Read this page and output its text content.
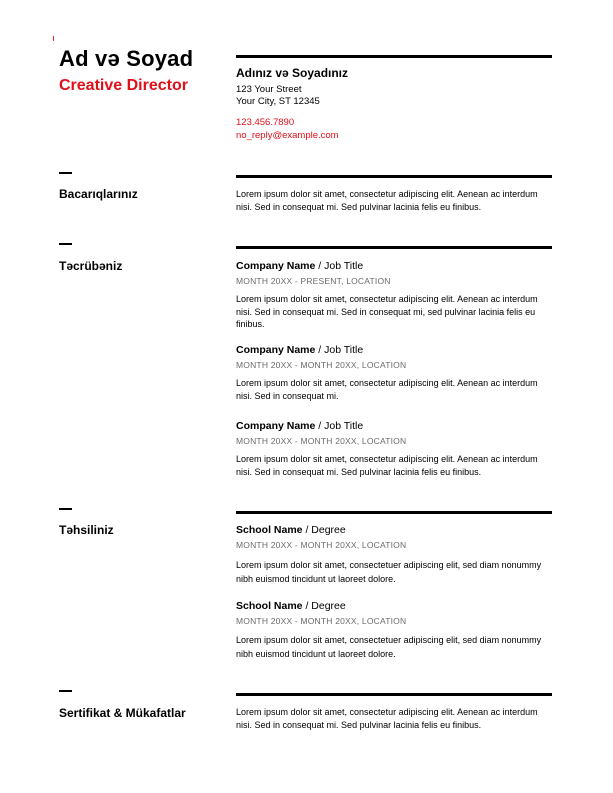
Ad və Soyad
Creative Director
Adınız və Soyadınız
123 Your Street
Your City, ST 12345
123.456.7890
no_reply@example.com
Bacarıqlarınız	Lorem ipsum dolor sit amet, consectetur adipiscing elit. Aenean ac interdum nisi. Sed in consequat mi. Sed pulvinar lacinia felis eu finibus.
Təcrübəniz	Company Name / Job Title
MONTH 20XX - PRESENT, LOCATION
Lorem ipsum dolor sit amet, consectetur adipiscing elit. Aenean ac interdum nisi. Sed in consequat mi. Sed in consequat mi, sed pulvinar lacinia felis eu finibus.
Company Name / Job Title
MONTH 20XX - MONTH 20XX, LOCATION
Lorem ipsum dolor sit amet, consectetur adipiscing elit. Aenean ac interdum nisi. Sed in consequat mi.
Company Name / Job Title
MONTH 20XX - MONTH 20XX, LOCATION
Lorem ipsum dolor sit amet, consectetur adipiscing elit. Aenean ac interdum nisi. Sed in consequat mi. Sed pulvinar lacinia felis eu finibus.
Təhsiliniz	School Name / Degree
MONTH 20XX - MONTH 20XX, LOCATION
Lorem ipsum dolor sit amet, consectetuer adipiscing elit, sed diam nonummy nibh euismod tincidunt ut laoreet dolore.
School Name / Degree
MONTH 20XX - MONTH 20XX, LOCATION
Lorem ipsum dolor sit amet, consectetuer adipiscing elit, sed diam nonummy nibh euismod tincidunt ut laoreet dolore.
Sertifikat & Mükafatlar	Lorem ipsum dolor sit amet, consectetur adipiscing elit. Aenean ac interdum nisi. Sed in consequat mi. Sed pulvinar lacinia felis eu finibus.
